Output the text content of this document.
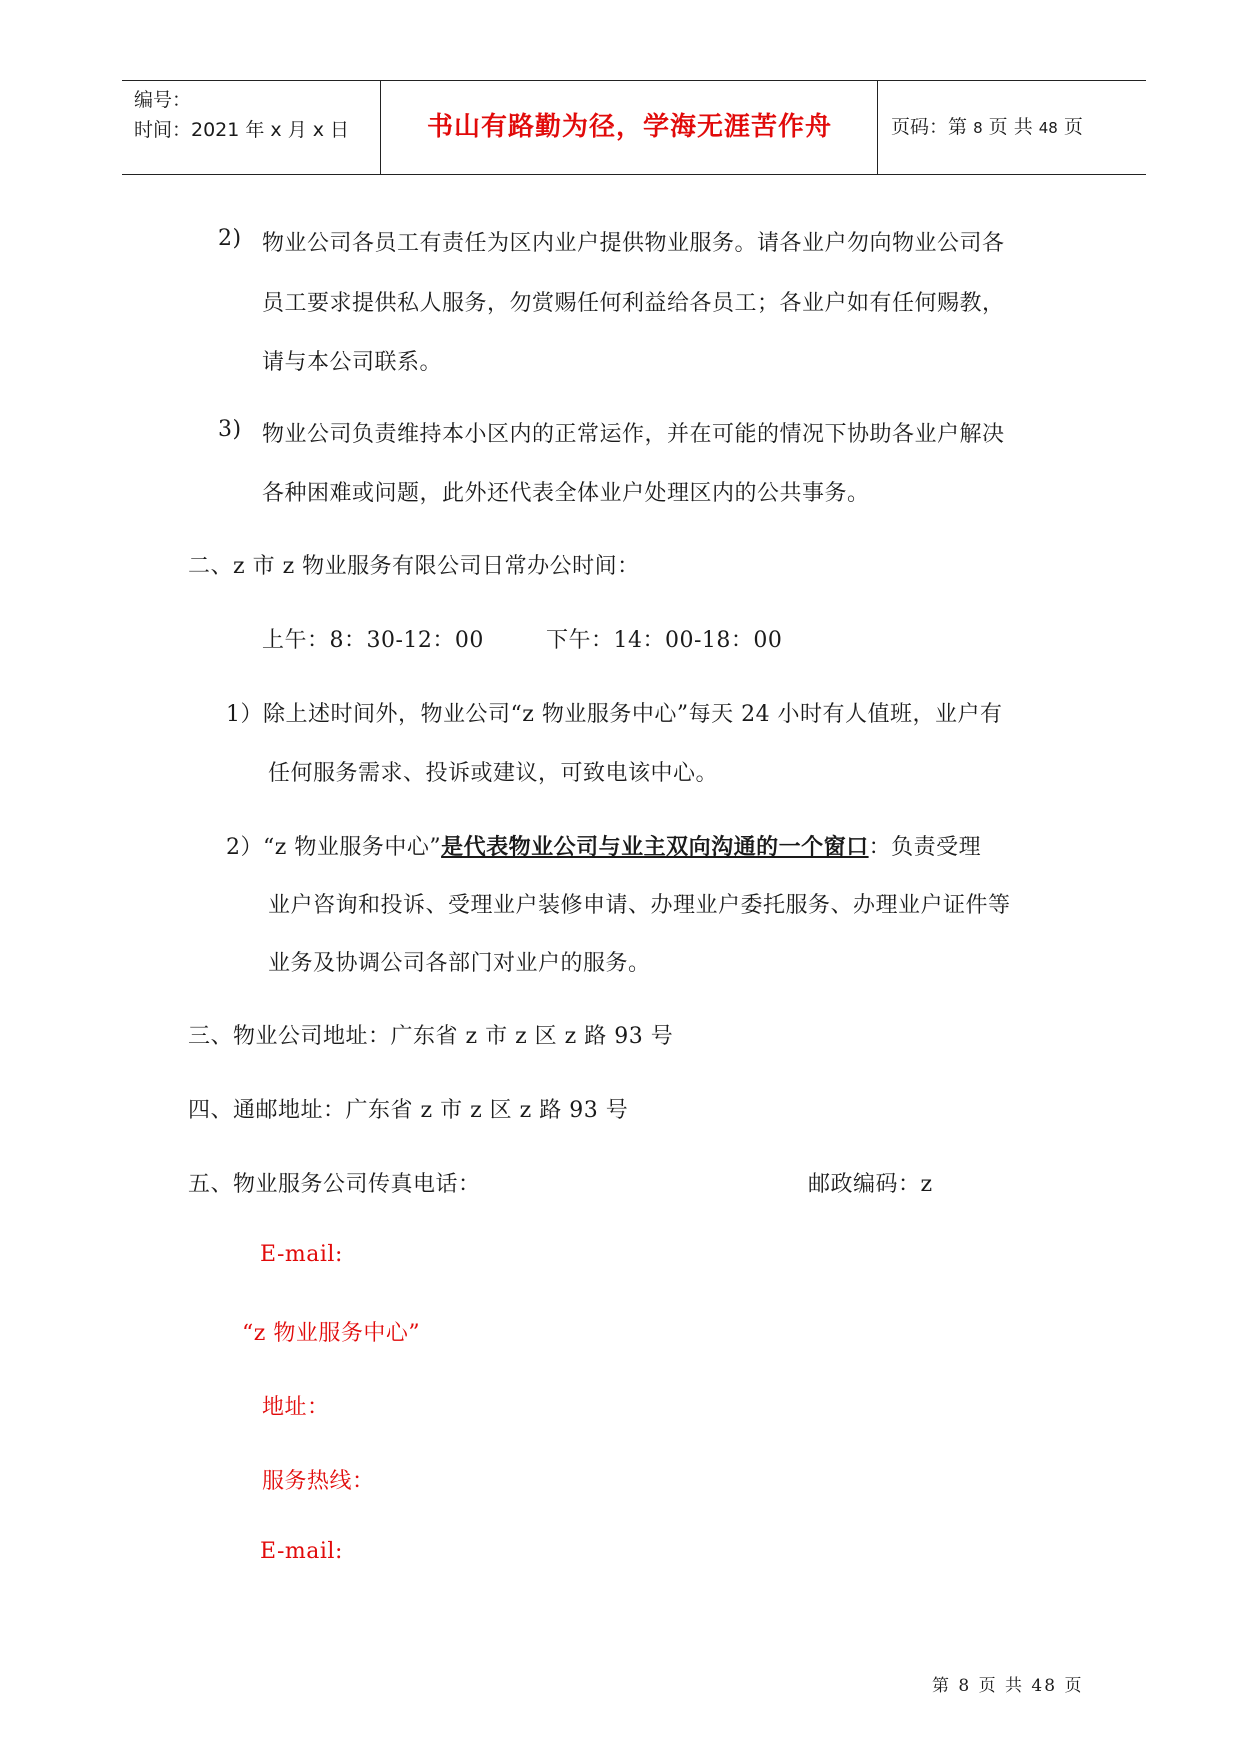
编号：
时间：2021 年 x 月 x 日	书山有路勤为径，学海无涯苦作舟	页码：第 8 页 共 48 页
2) 物业公司各员工有责任为区内业户提供物业服务。请各业户勿向物业公司各
员工要求提供私人服务，勿赏赐任何利益给各员工；各业户如有任何赐教，
请与本公司联系。
3) 物业公司负责维持本小区内的正常运作，并在可能的情况下协助各业户解决
各种困难或问题，此外还代表全体业户处理区内的公共事务。
二、z 市 z 物业服务有限公司日常办公时间：
上午：8：30-12：00	下午：14：00-18：00
1）除上述时间外，物业公司“z 物业服务中心”每天 24 小时有人值班，业户有
任何服务需求、投诉或建议，可致电该中心。
2）“z 物业服务中心”是代表物业公司与业主双向沟通的一个窗口：负责受理
业户咨询和投诉、受理业户装修申请、办理业户委托服务、办理业户证件等
业务及协调公司各部门对业户的服务。
三、物业公司地址：广东省 z 市 z 区 z 路 93 号
四、通邮地址：广东省 z 市 z 区 z 路 93 号
五、物业服务公司传真电话：	邮政编码：z
E-mail:
“z 物业服务中心”
地址：
服务热线：
E-mail:
第 8 页 共 48 页
